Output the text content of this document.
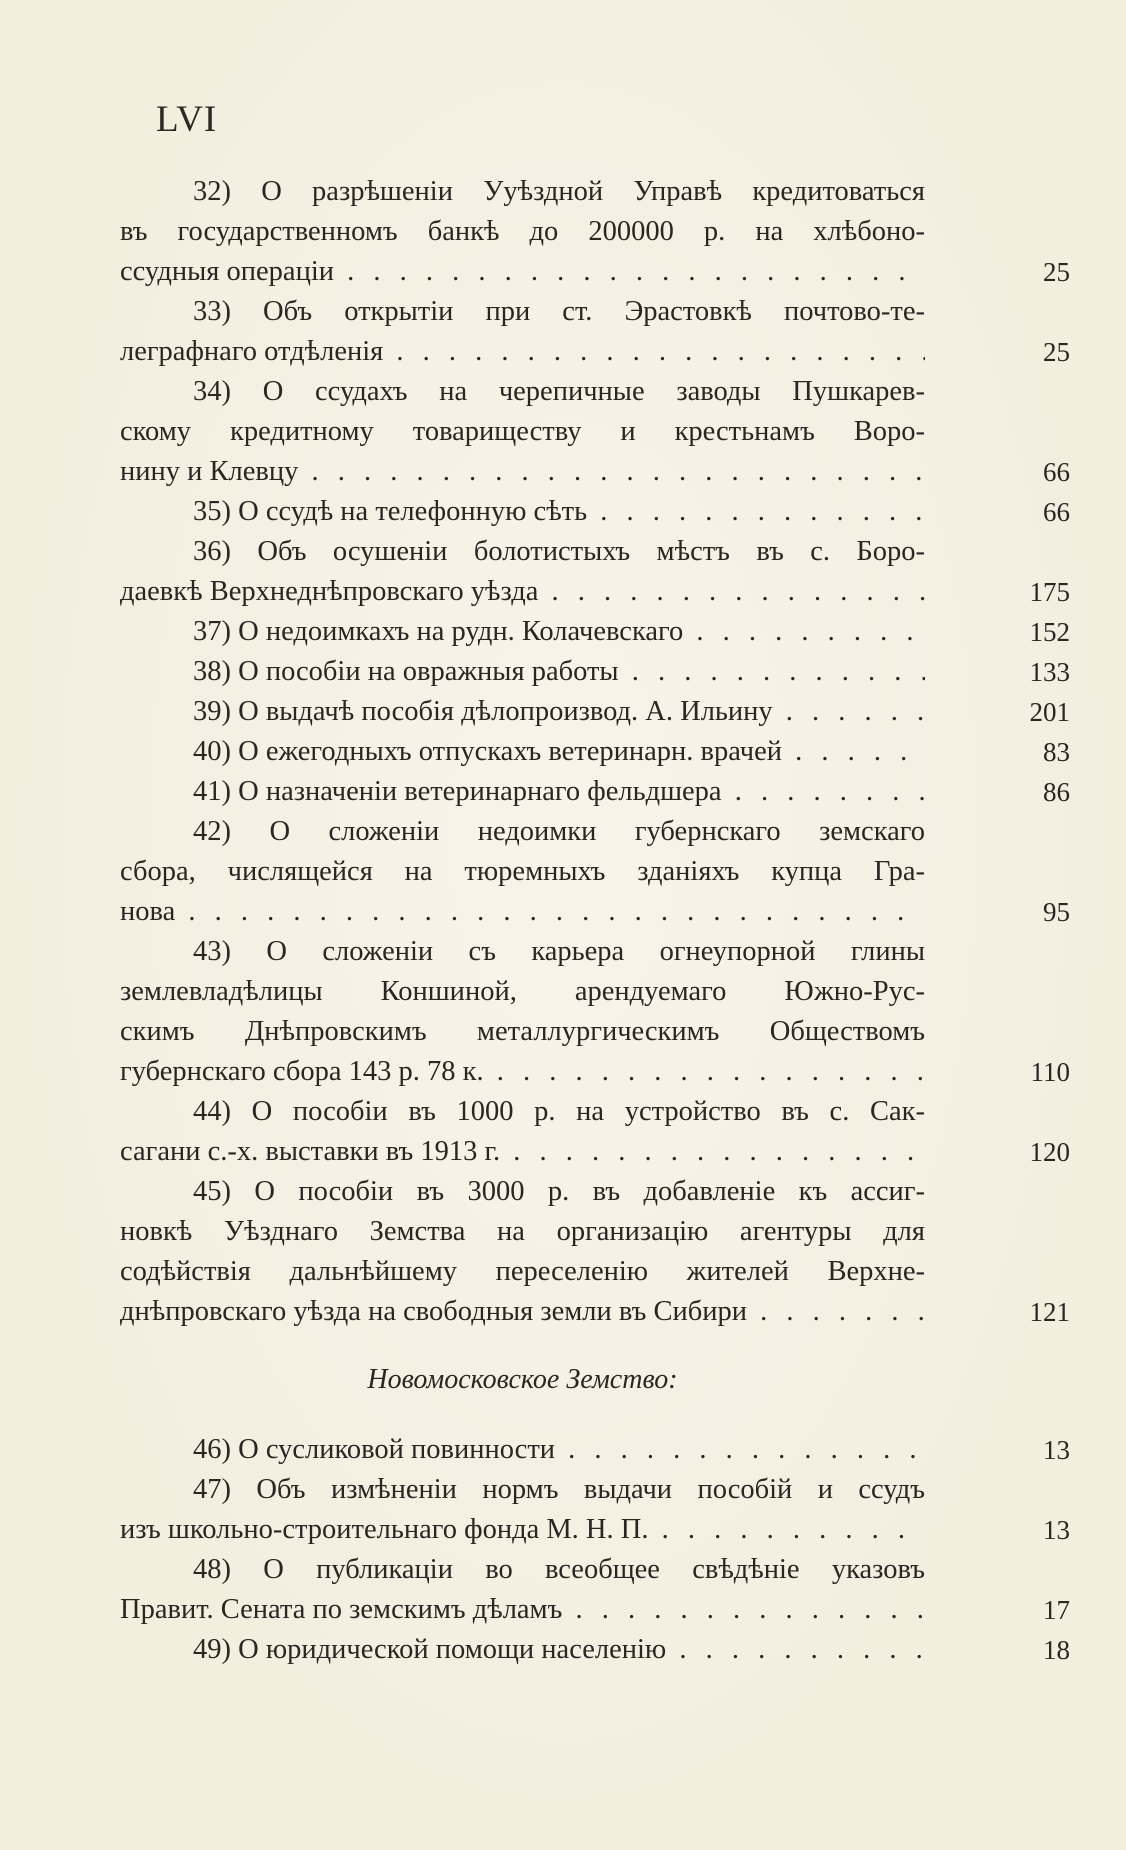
LVI
32) О разрѣшеніи Ууѣздной Управѣ кредитоваться
въ государственномъ банкѣ до 200000 р. на хлѣбоно-
ссудныя операціи . . .	25
33) Объ открытіи при ст. Эрастовкѣ почтово-те-
леграфнаго отдѣленія . . .	25
34) О ссудахъ на черепичные заводы Пушкарев-
скому кредитному товариществу и крестьнамъ Воро-
нину и Клевцу . . .	66
35) О ссудѣ на телефонную сѣть . . .	66
36) Объ осушеніи болотистыхъ мѣстъ въ с. Боро-
даевкѣ Верхнеднѣпровскаго уѣзда . . .	175
37) О недоимкахъ на рудн. Колачевскаго . . .	152
38) О пособіи на овражныя работы . . .	133
39) О выдачѣ пособія дѣлопроизвод. А. Ильину . . .	201
40) О ежегодныхъ отпускахъ ветеринарн. врачей . . .	83
41) О назначеніи ветеринарнаго фельдшера . . .	86
42) О сложеніи недоимки губернскаго земскаго
сбора, числящейся на тюремныхъ зданіяхъ купца Гра-
нова . . .	95
43) О сложеніи съ карьера огнеупорной глины
землевладѣлицы Коншиной, арендуемаго Южно-Рус-
скимъ Днѣпровскимъ металлургическимъ Обществомъ
губернскаго сбора 143 р. 78 к. . . .	110
44) О пособіи въ 1000 р. на устройство въ с. Сак-
сагани с.-х. выставки въ 1913 г. . . .	120
45) О пособіи въ 3000 р. въ добавленіе къ ассиг-
новкѣ Уѣзднаго Земства на организацію агентуры для
содѣйствія дальнѣйшему переселенію жителей Верхне-
днѣпровскаго уѣзда на свободныя земли въ Сибири . . .	121
Новомосковское Земство:
46) О сусликовой повинности . . .	13
47) Объ измѣненіи нормъ выдачи пособій и ссудъ
изъ школьно-строительнаго фонда М. Н. П. . . .	13
48) О публикаціи во всеобщее свѣдѣніе указовъ
Правит. Сената по земскимъ дѣламъ . . .	17
49) О юридической помощи населенію . . .	18
